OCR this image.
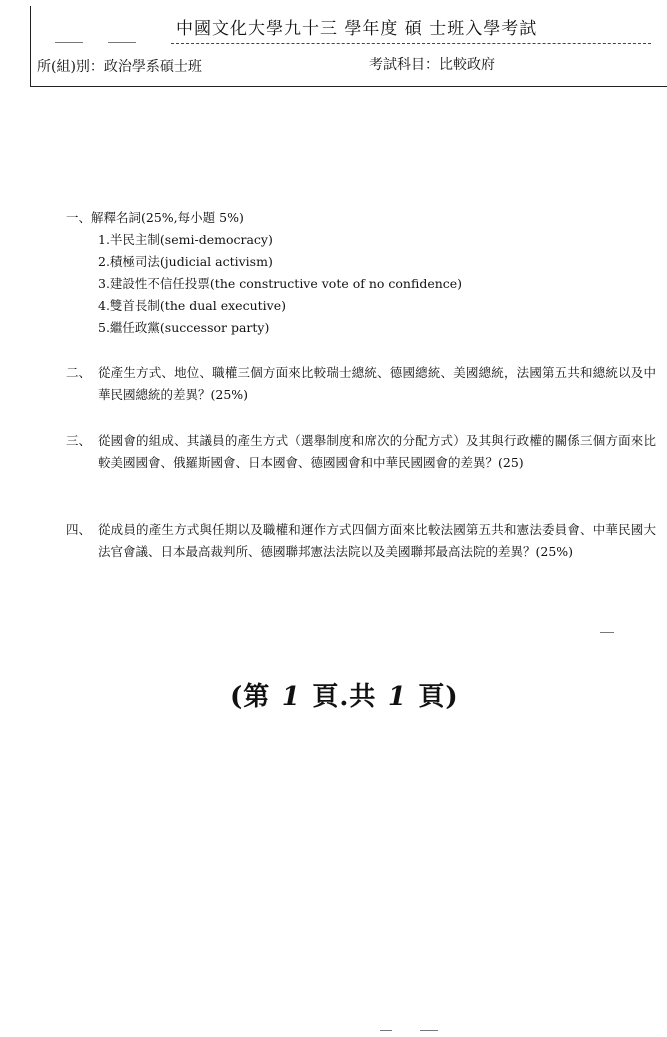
中國文化大學九十三 學年度 碩 士班入學考試
所(組)別：政治學系碩士班	考試科目：比較政府
一、解釋名詞(25%,每小題 5%)
1.半民主制(semi-democracy)
2.積極司法(judicial activism)
3.建設性不信任投票(the constructive vote of no confidence)
4.雙首長制(the dual executive)
5.繼任政黨(successor party)
二、 從產生方式、地位、職權三個方面來比較瑞士總統、德國總統、美國總統，法國第五共和總統以及中華民國總統的差異？(25%)
三、 從國會的組成、其議員的產生方式（選舉制度和席次的分配方式）及其與行政權的關係三個方面來比較美國國會、俄羅斯國會、日本國會、德國國會和中華民國國會的差異？(25)
四、 從成員的產生方式與任期以及職權和運作方式四個方面來比較法國第五共和憲法委員會、中華民國大法官會議、日本最高裁判所、德國聯邦憲法法院以及美國聯邦最高法院的差異？(25%)
(第 1 頁.共 1 頁)
